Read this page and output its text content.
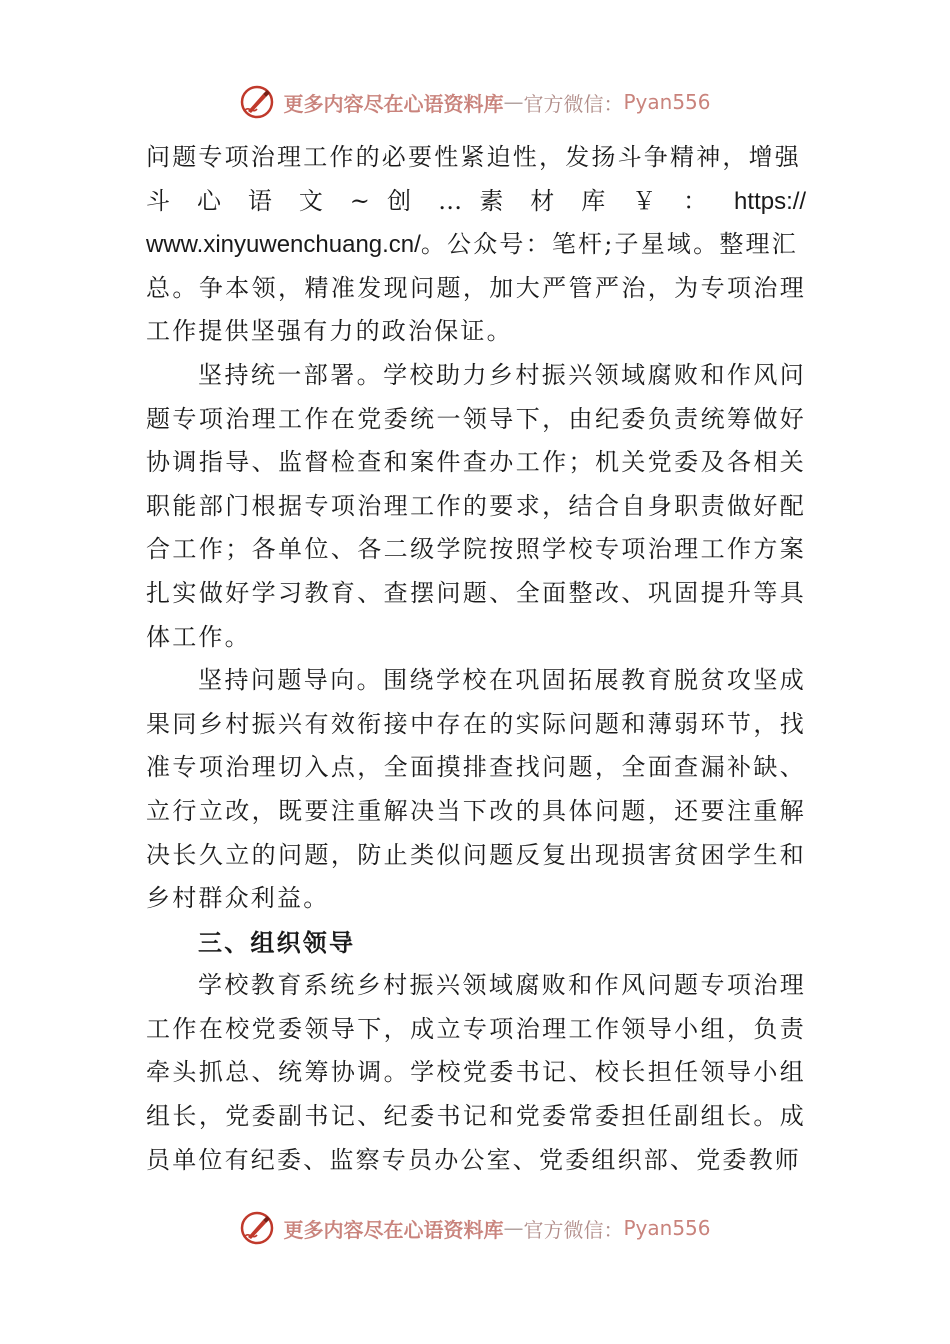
更多内容尽在心语资料库 — 官方微信： Pyan556

问题专项治理工作的必要性紧迫性，发扬斗争精神，增强

斗 心 语 文 ~ 创 … 素 材 库 ￥ ： https://

www.xinyuwenchuang.cn/。公众号：笔杆;子星域。整理汇

总。争本领，精准发现问题，加大严管严治，为专项治理工作提供坚强有力的政治保证。

坚持统一部署。学校助力乡村振兴领域腐败和作风问题专项治理工作在党委统一领导下，由纪委负责统筹做好协调指导、监督检查和案件查办工作；机关党委及各相关职能部门根据专项治理工作的要求，结合自身职责做好配合工作；各单位、各二级学院按照学校专项治理工作方案扎实做好学习教育、查摆问题、全面整改、巩固提升等具体工作。

坚持问题导向。围绕学校在巩固拓展教育脱贫攻坚成果同乡村振兴有效衔接中存在的实际问题和薄弱环节，找准专项治理切入点，全面摸排查找问题，全面查漏补缺、立行立改，既要注重解决当下改的具体问题，还要注重解决长久立的问题，防止类似问题反复出现损害贫困学生和乡村群众利益。

三、组织领导

学校教育系统乡村振兴领域腐败和作风问题专项治理工作在校党委领导下，成立专项治理工作领导小组，负责牵头抓总、统筹协调。学校党委书记、校长担任领导小组组长，党委副书记、纪委书记和党委常委担任副组长。成员单位有纪委、监察专员办公室、党委组织部、党委教师

更多内容尽在心语资料库 — 官方微信： Pyan556
